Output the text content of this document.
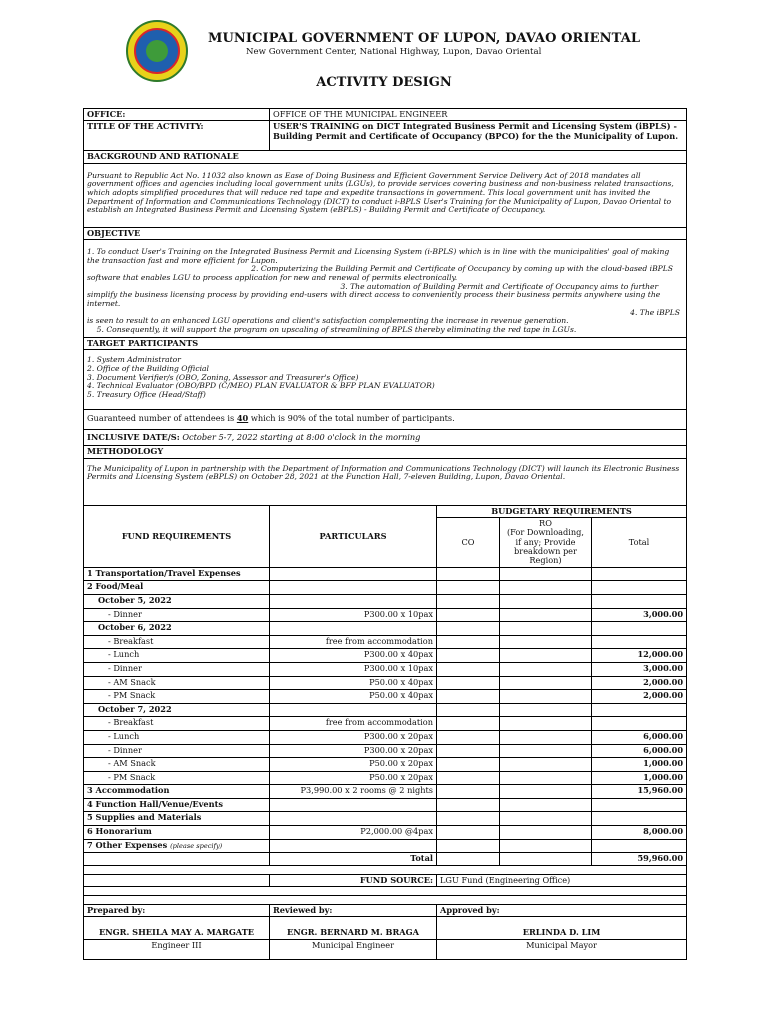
MUNICIPAL GOVERNMENT OF LUPON, DAVAO ORIENTAL
New Government Center, National Highway, Lupon, Davao Oriental
ACTIVITY DESIGN
OFFICE:	OFFICE OF THE MUNICIPAL ENGINEER			
TITLE OF THE ACTIVITY:	USER'S TRAINING on DICT Integrated Business Permit and Licensing System (iBPLS) - Building Permit and Certificate of Occupancy (BPCO) for the the Municipality of Lupon.			
BACKGROUND AND RATIONALE				
Pursuant to Republic Act No. 11032 also known as Ease of Doing Business and Efficient Government Service Delivery Act of 2018 mandates all government offices and agencies including local government units (LGUs), to provide services covering business and non-business related transactions, which adopts simplified procedures that will reduce red tape and expedite transactions in government. This local government unit has invited the Department of Information and Communications Technology (DICT) to conduct i-BPLS User's Training for the Municipality of Lupon, Davao Oriental to establish an Integrated Business Permit and Licensing System (eBPLS) - Building Permit and Certificate of Occupancy.				
OBJECTIVE				
1. To conduct User's Training on the Integrated Business Permit and Licensing System (i-BPLS) which is in line with the municipalities' goal of making the transaction fast and more efficient for Lupon.
2. Computerizing the Building Permit and Certificate of Occupancy by coming up with the cloud-based iBPLS software that enables LGU to process application for new and renewal of permits electronically.
3. The automation of Building Permit and Certificate of Occupancy aims to further simplify the business licensing process by providing end-users with direct access to conveniently process their business permits anywhere using the internet.
4. The iBPLS is seen to result to an enhanced LGU operations and client's satisfaction complementing the increase in revenue generation.
5. Consequently, it will support the program on upscaling of streamlining of BPLS thereby eliminating the red tape in LGUs.				
TARGET PARTICIPANTS				
1. System Administrator
2. Office of the Building Official
3. Document Verifier/s (OBO, Zoning, Assessor and Treasurer's Office)
4. Technical Evaluator (OBO/BPD (C/MEO) PLAN EVALUATOR & BFP PLAN EVALUATOR)
5. Treasury Office (Head/Staff)				
Guaranteed number of attendees is 40 which is 90% of the total number of participants.				
INCLUSIVE DATE/S: October 5-7, 2022 starting at 8:00 o'clock in the morning				
METHODOLOGY				
The Municipality of Lupon in partnership with the Department of Information and Communications Technology (DICT) will launch its Electronic Business Permits and Licensing System (eBPLS) on October 28, 2021 at the Function Hall, 7-eleven Building, Lupon, Davao Oriental.				
FUND REQUIREMENTS	PARTICULARS	BUDGETARY REQUIREMENTS		
		CO	RO
(For Downloading, if any; Provide breakdown per Region)	Total
1 Transportation/Travel Expenses				
2 Food/Meal				
October 5, 2022				
- Dinner	P300.00 x 10pax			3,000.00
October 6, 2022				
- Breakfast	free from accommodation			
- Lunch	P300.00 x 40pax			12,000.00
- Dinner	P300.00 x 10pax			3,000.00
- AM Snack	P50.00 x 40pax			2,000.00
- PM Snack	P50.00 x 40pax			2,000.00
October 7, 2022				
- Breakfast	free from accommodation			
- Lunch	P300.00 x 20pax			6,000.00
- Dinner	P300.00 x 20pax			6,000.00
- AM Snack	P50.00 x 20pax			1,000.00
- PM Snack	P50.00 x 20pax			1,000.00
3 Accommodation	P3,990.00 x 2 rooms @ 2 nights			15,960.00
4 Function Hall/Venue/Events				
5 Supplies and Materials				
6 Honorarium	P2,000.00 @4pax			8,000.00
7 Other Expenses (please specify)				
	Total			59,960.00

	FUND SOURCE:	LGU Fund (Engineering Office)		

Prepared by:	Reviewed by:	Approved by:		
ENGR. SHEILA MAY A. MARGATE	ENGR. BERNARD M. BRAGA	ERLINDA D. LIM		
Engineer III	Municipal Engineer	Municipal Mayor		
